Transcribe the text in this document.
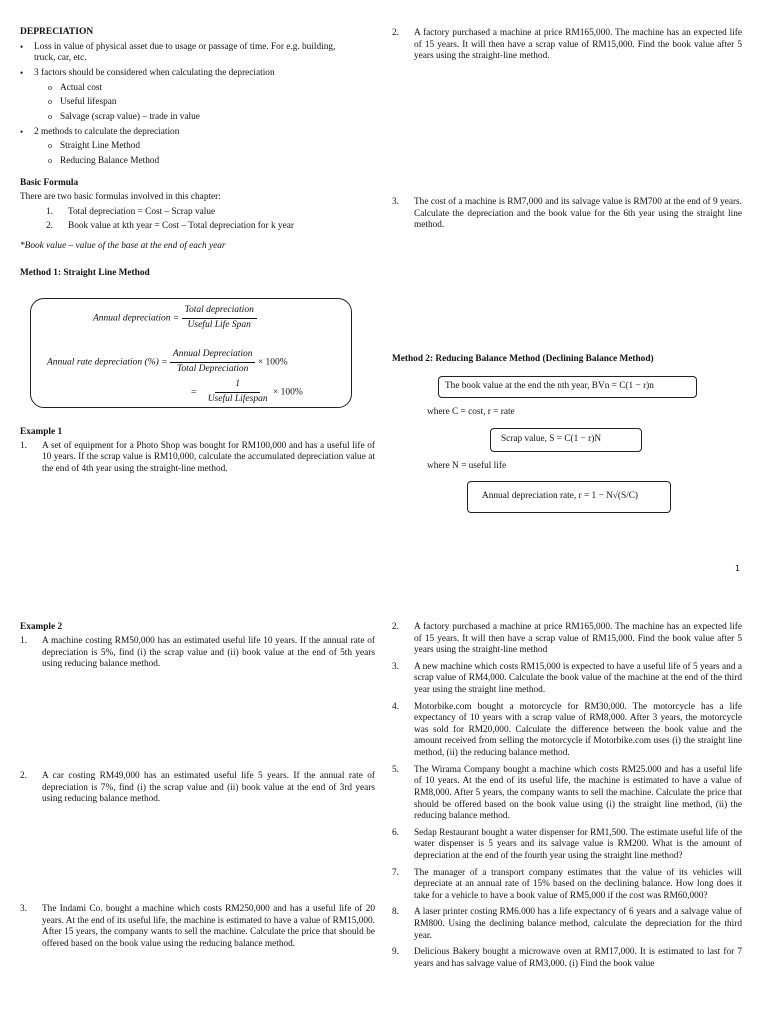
DEPRECIATION
•	Loss in value of physical asset due to usage or passage of time. For e.g. building, truck, car, etc.
•	3 factors should be considered when calculating the depreciation
o Actual cost
o Useful lifespan
o Salvage (scrap value) – trade in value
•	2 methods to calculate the depreciation
o Straight Line Method
o Reducing Balance Method
Basic Formula
There are two basic formulas involved in this chapter:
1.	Total depreciation = Cost – Scrap value
2.	Book value at kth year = Cost – Total depreciation for k year
*Book value – value of the base at the end of each year
Method 1: Straight Line Method
Annual depreciation = $\frac{\text{Total depreciation}}{\text{Useful Life Span}}$
Annual rate depreciation (%) = $\frac{\text{Annual Depreciation}}{\text{Total Depreciation}} \times 100\%$
= $\frac{1}{\text{Useful Lifespan}} \times 100\%$
Example 1
1.	A set of equipment for a Photo Shop was bought for RM100,000 and has a useful life of 10 years. If the scrap value is RM10,000, calculate the accumulated depreciation value at the end of 4th year using the straight-line method.
2.	A factory purchased a machine at price RM165,000. The machine has an expected life of 15 years. It will then have a scrap value of RM15,000. Find the book value after 5 years using the straight-line method.
3.	The cost of a machine is RM7,000 and its salvage value is RM700 at the end of 9 years. Calculate the depreciation and the book value for the 6th year using the straight line method.
Method 2: Reducing Balance Method (Declining Balance Method)
The book value at the end the nth year, BVn = C(1 − r)n
where C = cost, r = rate
Scrap value, S = C(1 − r)N
where N = useful life
Annual depreciation rate, r = 1 − N√(S/C)
1
Example 2
1.	A machine costing RM50,000 has an estimated useful life 10 years. If the annual rate of depreciation is 5%, find (i) the scrap value and (ii) book value at the end of 5th years using reducing balance method.
2.	A car costing RM49,000 has an estimated useful life 5 years. If the annual rate of depreciation is 7%, find (i) the scrap value and (ii) book value at the end of 3rd years using reducing balance method.
3.	The Indami Co. bought a machine which costs RM250,000 and has a useful life of 20 years. At the end of its useful life, the machine is estimated to have a value of RM15,000. After 15 years, the company wants to sell the machine. Calculate the price that should be offered based on the book value using the reducing balance method.
2.	A factory purchased a machine at price RM165,000. The machine has an expected life of 15 years. It will then have a scrap value of RM15,000. Find the book value after 5 years using the straight-line method
3.	A new machine which costs RM15,000 is expected to have a useful life of 5 years and a scrap value of RM4,000. Calculate the book value of the machine at the end of the third year using the straight line method.
4.	Motorbike.com bought a motorcycle for RM30,000. The motorcycle has a life expectancy of 10 years with a scrap value of RM8,000. After 3 years, the motorcycle was sold for RM20,000. Calculate the difference between the book value and the amount received from selling the motorcycle if Motorbike.com uses (i) the straight line method, (ii) the reducing balance method.
5.	The Wirama Company bought a machine which costs RM25.000 and has a useful life of 10 years. At the end of its useful life, the machine is estimated to have a value of RM8,000. After 5 years, the company wants to sell the machine. Calculate the price that should be offered based on the book value using (i) the straight line method, (ii) the reducing balance method.
6.	Sedap Restaurant bought a water dispenser for RM1,500. The estimate useful life of the water dispenser is 5 years and its salvage value is RM200. What is the amount of depreciation at the end of the fourth year using the straight line method?
7.	The manager of a transport company estimates that the value of its vehicles will depreciate at an annual rate of 15% based on the declining balance. How long does it take for a vehicle to have a book value of RM5,000 if the cost was RM60,000?
8.	A laser printer costing RM6.000 has a life expectancy of 6 years and a salvage value of RM800. Using the declining balance method, calculate the depreciation for the third year.
9.	Delicious Bakery bought a microwave oven at RM17,000. It is estimated to last for 7 years and has salvage value of RM3,000. (i) Find the book value
